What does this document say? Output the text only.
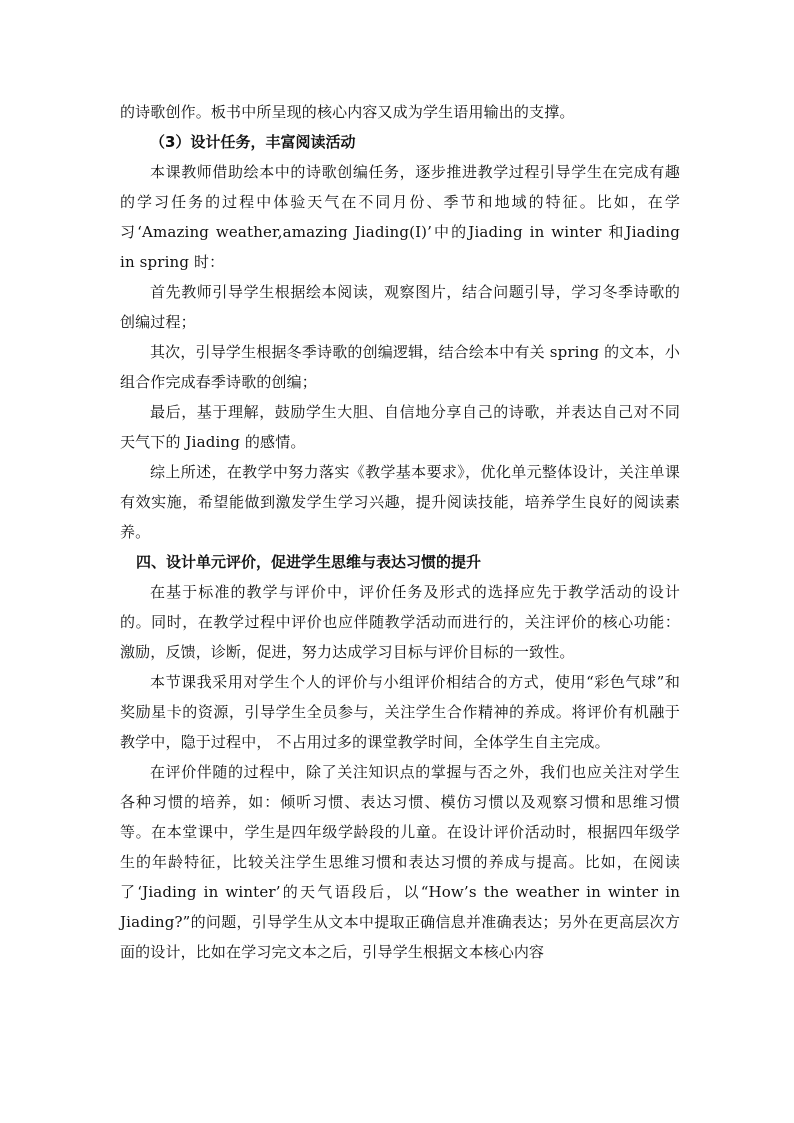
的诗歌创作。板书中所呈现的核心内容又成为学生语用输出的支撑。

（3）设计任务，丰富阅读活动

本课教师借助绘本中的诗歌创编任务，逐步推进教学过程引导学生在完成有趣的学习任务的过程中体验天气在不同月份、季节和地域的特征。比如，在学习‘Amazing weather,amazing Jiading(I)’中的Jiading in winter 和Jiading in spring 时：

首先教师引导学生根据绘本阅读，观察图片，结合问题引导，学习冬季诗歌的创编过程；

其次，引导学生根据冬季诗歌的创编逻辑，结合绘本中有关 spring 的文本，小组合作完成春季诗歌的创编；

最后，基于理解，鼓励学生大胆、自信地分享自己的诗歌，并表达自己对不同天气下的 Jiading 的感情。

综上所述，在教学中努力落实《教学基本要求》，优化单元整体设计，关注单课有效实施，希望能做到激发学生学习兴趣，提升阅读技能，培养学生良好的阅读素养。

四、设计单元评价，促进学生思维与表达习惯的提升

在基于标准的教学与评价中，评价任务及形式的选择应先于教学活动的设计的。同时，在教学过程中评价也应伴随教学活动而进行的，关注评价的核心功能：激励，反馈，诊断，促进，努力达成学习目标与评价目标的一致性。

本节课我采用对学生个人的评价与小组评价相结合的方式，使用“彩色气球”和奖励星卡的资源，引导学生全员参与，关注学生合作精神的养成。将评价有机融于教学中，隐于过程中， 不占用过多的课堂教学时间，全体学生自主完成。

在评价伴随的过程中，除了关注知识点的掌握与否之外，我们也应关注对学生各种习惯的培养，如：倾听习惯、表达习惯、模仿习惯以及观察习惯和思维习惯等。在本堂课中，学生是四年级学龄段的儿童。在设计评价活动时，根据四年级学生的年龄特征，比较关注学生思维习惯和表达习惯的养成与提高。比如，在阅读了‘Jiading in winter’的天气语段后，以“How’s the weather in winter in Jiading?”的问题，引导学生从文本中提取正确信息并准确表达；另外在更高层次方面的设计，比如在学习完文本之后，引导学生根据文本核心内容
